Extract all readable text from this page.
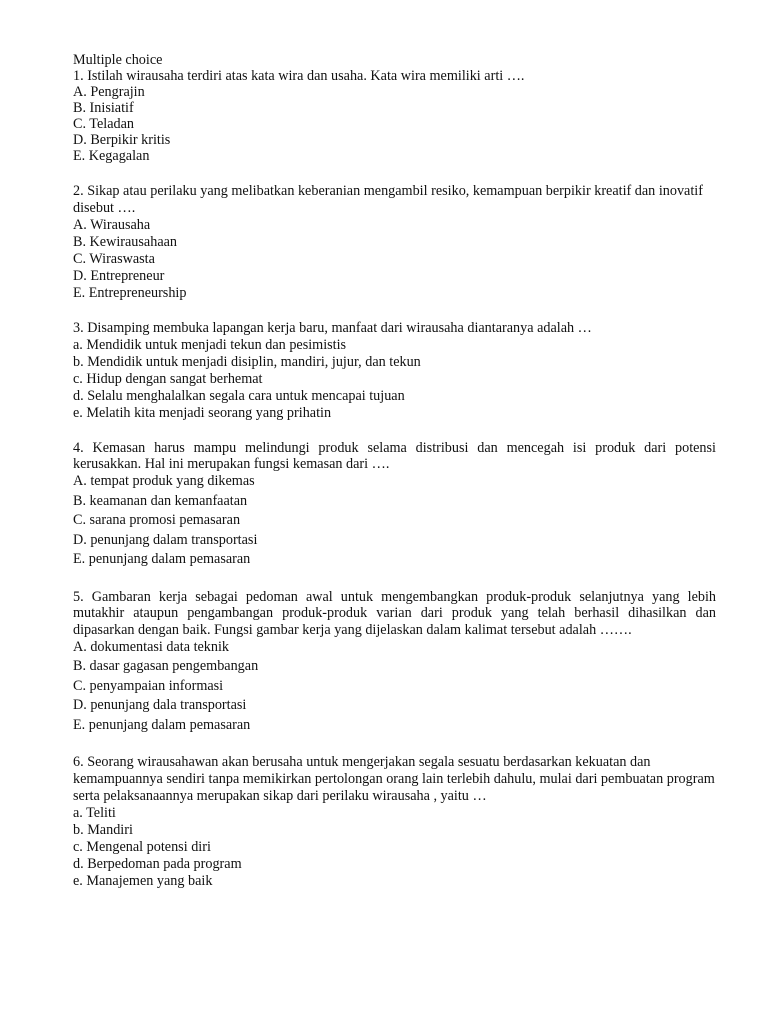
Multiple choice

1. Istilah wirausaha terdiri atas kata wira dan usaha. Kata wira memiliki arti ….

A. Pengrajin
B. Inisiatif
C. Teladan
D. Berpikir kritis
E. Kegagalan

2. Sikap atau perilaku yang melibatkan keberanian mengambil resiko, kemampuan berpikir kreatif dan inovatif disebut ….

A. Wirausaha
B. Kewirausahaan
C. Wiraswasta
D. Entrepreneur
E. Entrepreneurship

3. Disamping membuka lapangan kerja baru, manfaat dari wirausaha diantaranya adalah …

a. Mendidik untuk menjadi tekun dan pesimistis
b. Mendidik untuk menjadi disiplin, mandiri, jujur, dan tekun
c. Hidup dengan sangat berhemat
d. Selalu menghalalkan segala cara untuk mencapai tujuan
e. Melatih kita menjadi seorang yang prihatin

4. Kemasan harus mampu melindungi produk selama distribusi dan mencegah isi produk dari potensi kerusakkan. Hal ini merupakan fungsi kemasan dari ….

A. tempat produk yang dikemas
B. keamanan dan kemanfaatan
C. sarana promosi pemasaran
D. penunjang dalam transportasi
E. penunjang dalam pemasaran

5. Gambaran kerja sebagai pedoman awal untuk mengembangkan produk-produk selanjutnya yang lebih mutakhir ataupun pengambangan produk-produk varian dari produk yang telah berhasil dihasilkan dan dipasarkan dengan baik. Fungsi gambar kerja yang dijelaskan dalam kalimat tersebut adalah …….

A. dokumentasi data teknik
B. dasar gagasan pengembangan
C. penyampaian informasi
D. penunjang dala transportasi
E. penunjang dalam pemasaran

6. Seorang wirausahawan akan berusaha untuk mengerjakan segala sesuatu berdasarkan kekuatan dan kemampuannya sendiri tanpa memikirkan pertolongan orang lain terlebih dahulu, mulai dari pembuatan program serta pelaksanaannya merupakan sikap dari perilaku wirausaha , yaitu …

a. Teliti
b. Mandiri
c. Mengenal potensi diri
d. Berpedoman pada program
e. Manajemen yang baik
